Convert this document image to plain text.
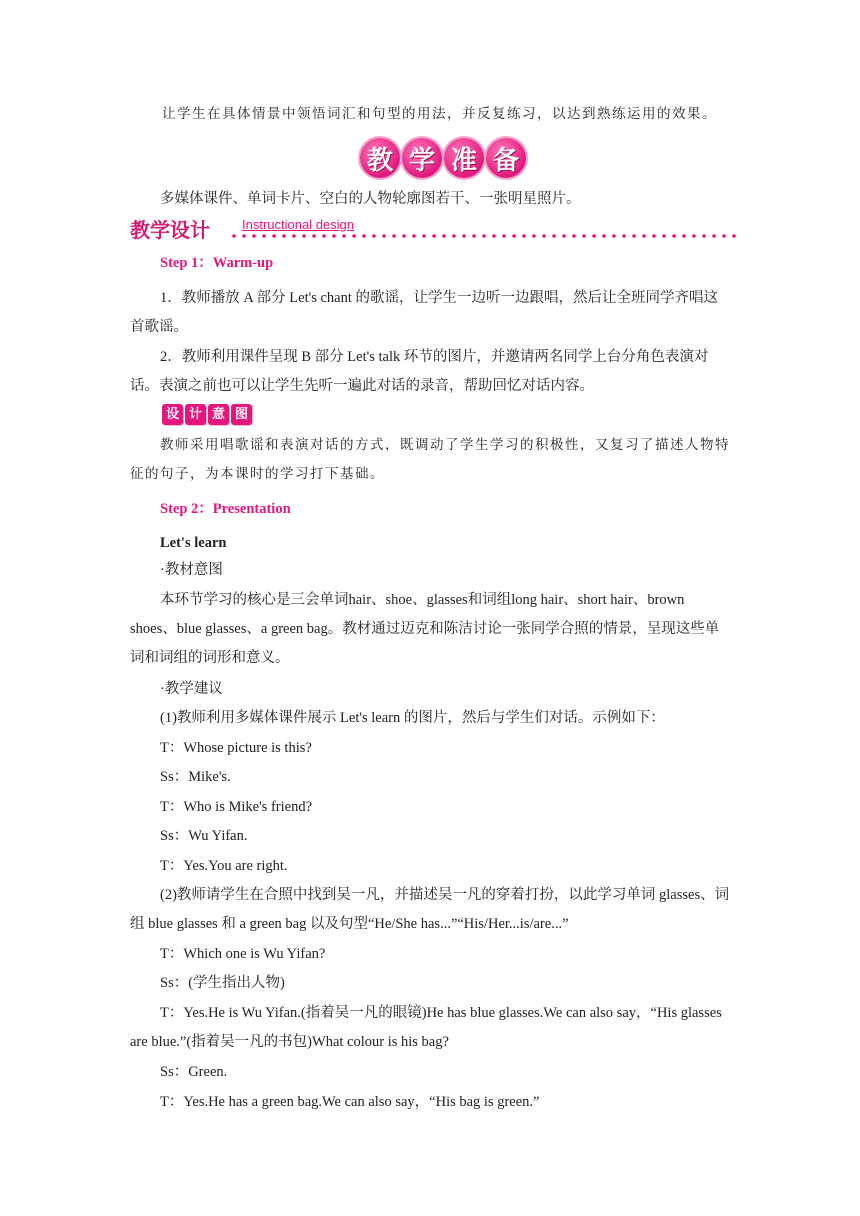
让学生在具体情景中领悟词汇和句型的用法，并反复练习，以达到熟练运用的效果。
教 学 准 备
多媒体课件、单词卡片、空白的人物轮廓图若干、一张明星照片。
教学设计 Instructional design
Step 1：Warm-up
1．教师播放 A 部分 Let's chant 的歌谣，让学生一边听一边跟唱，然后让全班同学齐唱这首歌谣。
2．教师利用课件呈现 B 部分 Let's talk 环节的图片，并邀请两名同学上台分角色表演对话。表演之前也可以让学生先听一遍此对话的录音，帮助回忆对话内容。
设 计 意 图
教师采用唱歌谣和表演对话的方式，既调动了学生学习的积极性，又复习了描述人物特征的句子，为本课时的学习打下基础。
Step 2：Presentation
Let's learn
·教材意图
本环节学习的核心是三会单词hair、shoe、glasses和词组long hair、short hair、brown shoes、blue glasses、a green bag。教材通过迈克和陈洁讨论一张同学合照的情景，呈现这些单词和词组的词形和意义。
·教学建议
(1)教师利用多媒体课件展示 Let's learn 的图片，然后与学生们对话。示例如下：
T：Whose picture is this?
Ss：Mike's.
T：Who is Mike's friend?
Ss：Wu Yifan.
T：Yes.You are right.
(2)教师请学生在合照中找到吴一凡，并描述吴一凡的穿着打扮，以此学习单词 glasses、词组 blue glasses 和 a green bag 以及句型“He/She has...”“His/Her...is/are...”
T：Which one is Wu Yifan?
Ss：(学生指出人物)
T：Yes.He is Wu Yifan.(指着吴一凡的眼镜)He has blue glasses.We can also say，“His glasses are blue.”(指着吴一凡的书包)What colour is his bag?
Ss：Green.
T：Yes.He has a green bag.We can also say，“His bag is green.”
